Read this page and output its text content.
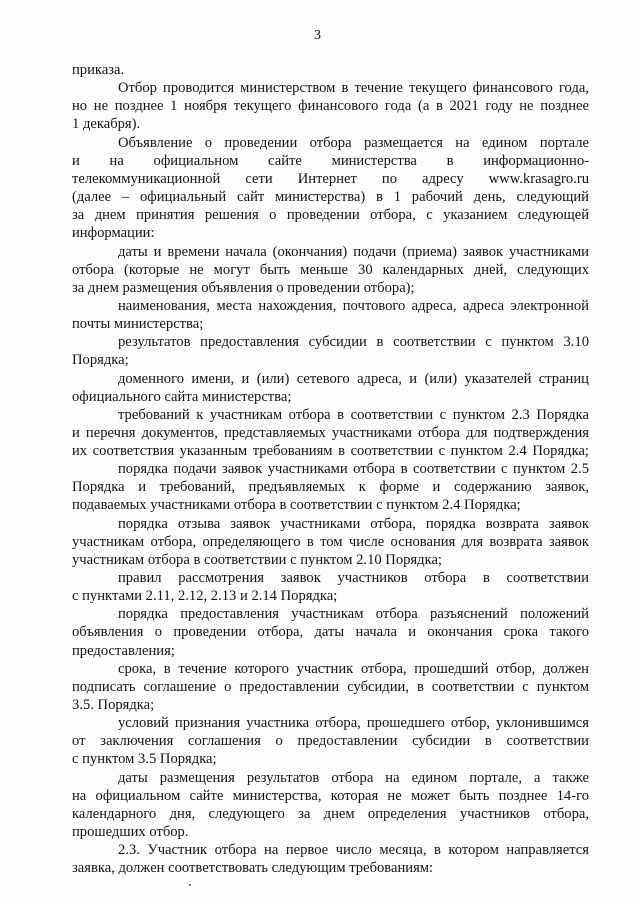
3
приказа.
Отбор проводится министерством в течение текущего финансового года,
но не позднее 1 ноября текущего финансового года (а в 2021 году не позднее
1 декабря).
Объявление о проведении отбора размещается на едином портале
и на официальном сайте министерства в информационно-
телекоммуникационной сети Интернет по адресу www.krasagro.ru
(далее – официальный сайт министерства) в 1 рабочий день, следующий
за днем принятия решения о проведении отбора, с указанием следующей
информации:
даты и времени начала (окончания) подачи (приема) заявок участниками
отбора (которые не могут быть меньше 30 календарных дней, следующих
за днем размещения объявления о проведении отбора);
наименования, места нахождения, почтового адреса, адреса электронной
почты министерства;
результатов предоставления субсидии в соответствии с пунктом 3.10
Порядка;
доменного имени, и (или) сетевого адреса, и (или) указателей страниц
официального сайта министерства;
требований к участникам отбора в соответствии с пунктом 2.3 Порядка
и перечня документов, представляемых участниками отбора для подтверждения
их соответствия указанным требованиям в соответствии с пунктом 2.4 Порядка;
порядка подачи заявок участниками отбора в соответствии с пунктом 2.5
Порядка и требований, предъявляемых к форме и содержанию заявок,
подаваемых участниками отбора в соответствии с пунктом 2.4 Порядка;
порядка отзыва заявок участниками отбора, порядка возврата заявок
участникам отбора, определяющего в том числе основания для возврата заявок
участникам отбора в соответствии с пунктом 2.10 Порядка;
правил рассмотрения заявок участников отбора в соответствии
с пунктами 2.11, 2.12, 2.13 и 2.14 Порядка;
порядка предоставления участникам отбора разъяснений положений
объявления о проведении отбора, даты начала и окончания срока такого
предоставления;
срока, в течение которого участник отбора, прошедший отбор, должен
подписать соглашение о предоставлении субсидии, в соответствии с пунктом
3.5. Порядка;
условий признания участника отбора, прошедшего отбор, уклонившимся
от заключения соглашения о предоставлении субсидии в соответствии
с пунктом 3.5 Порядка;
даты размещения результатов отбора на едином портале, а также
на официальном сайте министерства, которая не может быть позднее 14-го
календарного дня, следующего за днем определения участников отбора,
прошедших отбор.
2.3. Участник отбора на первое число месяца, в котором направляется
заявка, должен соответствовать следующим требованиям:
